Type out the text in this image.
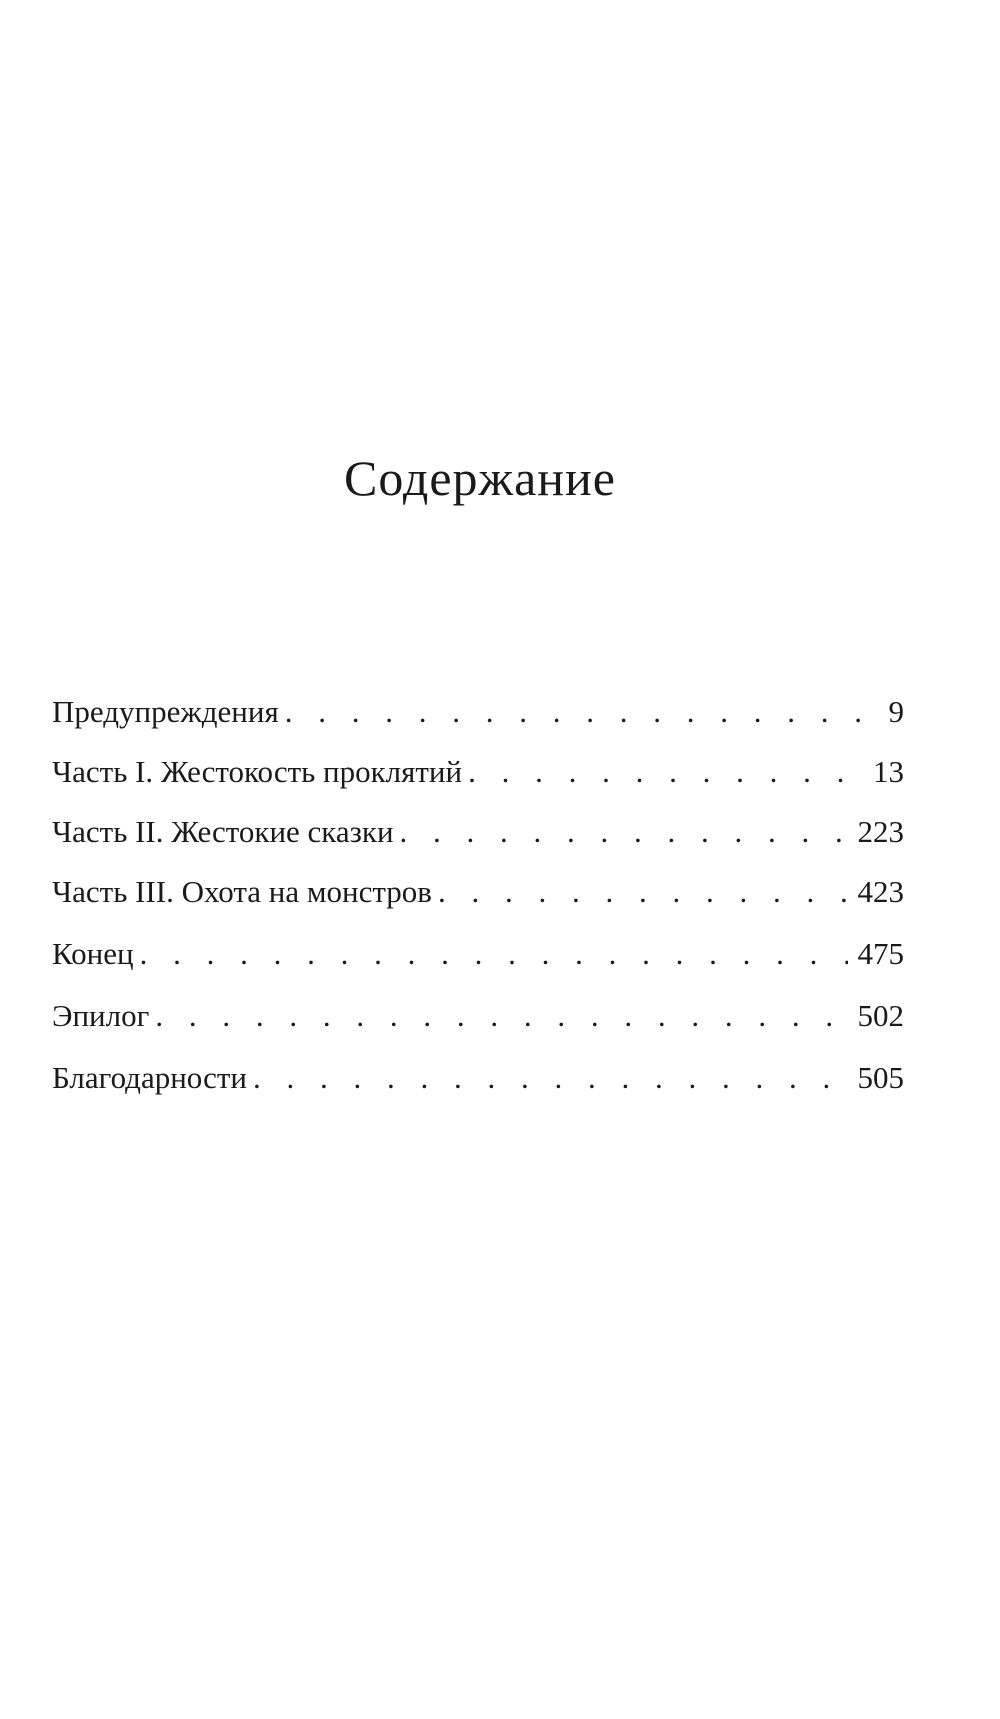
Содержание
Предупреждения . . .	9
Часть I. Жестокость проклятий . . .	13
Часть II. Жестокие сказки . . .	223
Часть III. Охота на монстров . . .	423
Конец . . .	475
Эпилог . . .	502
Благодарности . . .	505
